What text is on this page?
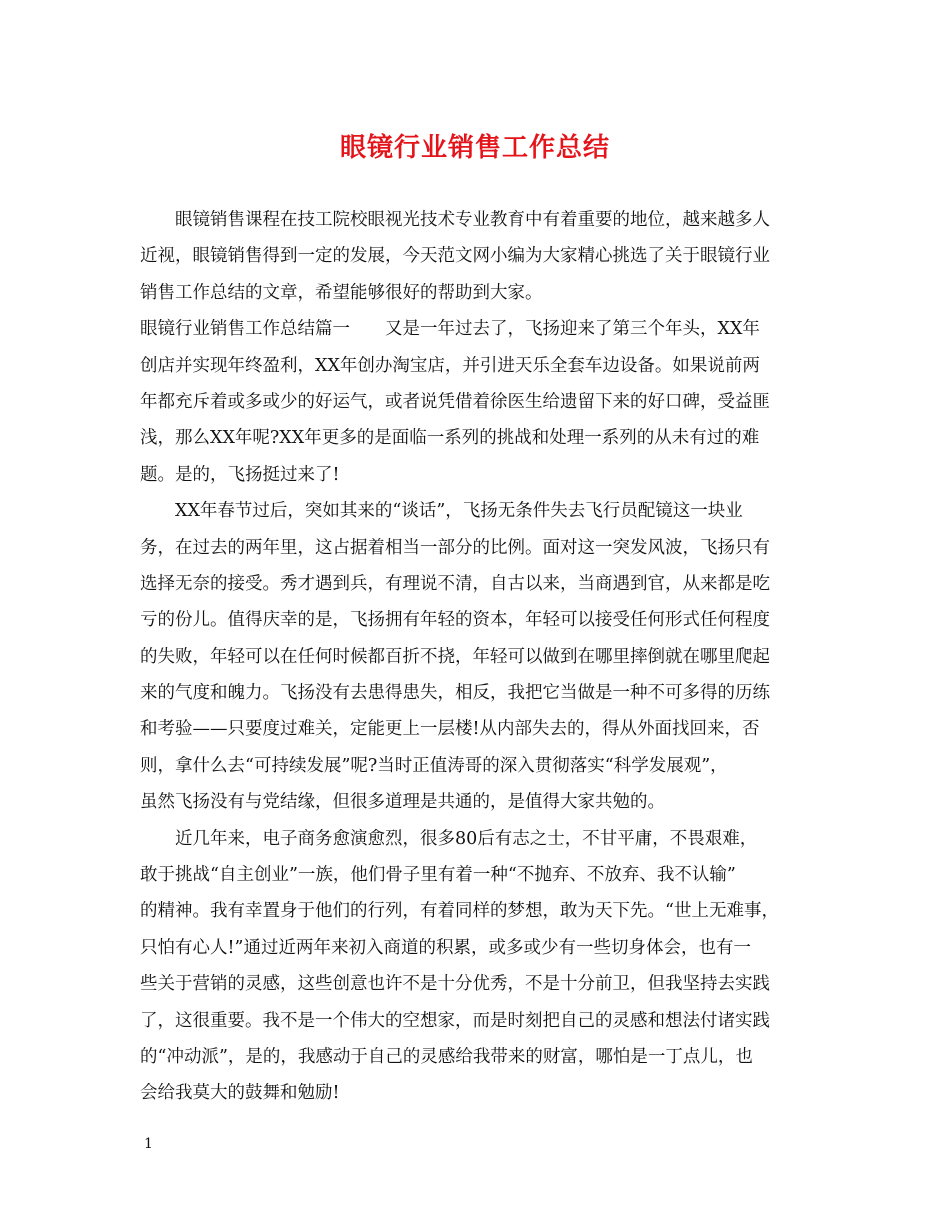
眼镜行业销售工作总结
眼镜销售课程在技工院校眼视光技术专业教育中有着重要的地位，越来越多人
近视，眼镜销售得到一定的发展，今天范文网小编为大家精心挑选了关于眼镜行业
销售工作总结的文章，希望能够很好的帮助到大家。
眼镜行业销售工作总结篇一　　又是一年过去了，飞扬迎来了第三个年头，XX年
创店并实现年终盈利，XX年创办淘宝店，并引进天乐全套车边设备。如果说前两
年都充斥着或多或少的好运气，或者说凭借着徐医生给遗留下来的好口碑，受益匪
浅，那么XX年呢?XX年更多的是面临一系列的挑战和处理一系列的从未有过的难
题。是的，飞扬挺过来了!
XX年春节过后，突如其来的“谈话”，飞扬无条件失去飞行员配镜这一块业
务，在过去的两年里，这占据着相当一部分的比例。面对这一突发风波，飞扬只有
选择无奈的接受。秀才遇到兵，有理说不清，自古以来，当商遇到官，从来都是吃
亏的份儿。值得庆幸的是，飞扬拥有年轻的资本，年轻可以接受任何形式任何程度
的失败，年轻可以在任何时候都百折不挠，年轻可以做到在哪里摔倒就在哪里爬起
来的气度和魄力。飞扬没有去患得患失，相反，我把它当做是一种不可多得的历练
和考验——只要度过难关，定能更上一层楼!从内部失去的，得从外面找回来，否
则，拿什么去“可持续发展”呢?当时正值涛哥的深入贯彻落实“科学发展观”，
虽然飞扬没有与党结缘，但很多道理是共通的，是值得大家共勉的。
近几年来，电子商务愈演愈烈，很多80后有志之士，不甘平庸，不畏艰难，
敢于挑战“自主创业”一族，他们骨子里有着一种“不抛弃、不放弃、我不认输”
的精神。我有幸置身于他们的行列，有着同样的梦想，敢为天下先。“世上无难事，
只怕有心人!”通过近两年来初入商道的积累，或多或少有一些切身体会，也有一
些关于营销的灵感，这些创意也许不是十分优秀，不是十分前卫，但我坚持去实践
了，这很重要。我不是一个伟大的空想家，而是时刻把自己的灵感和想法付诸实践
的“冲动派”，是的，我感动于自己的灵感给我带来的财富，哪怕是一丁点儿，也
会给我莫大的鼓舞和勉励!
1
